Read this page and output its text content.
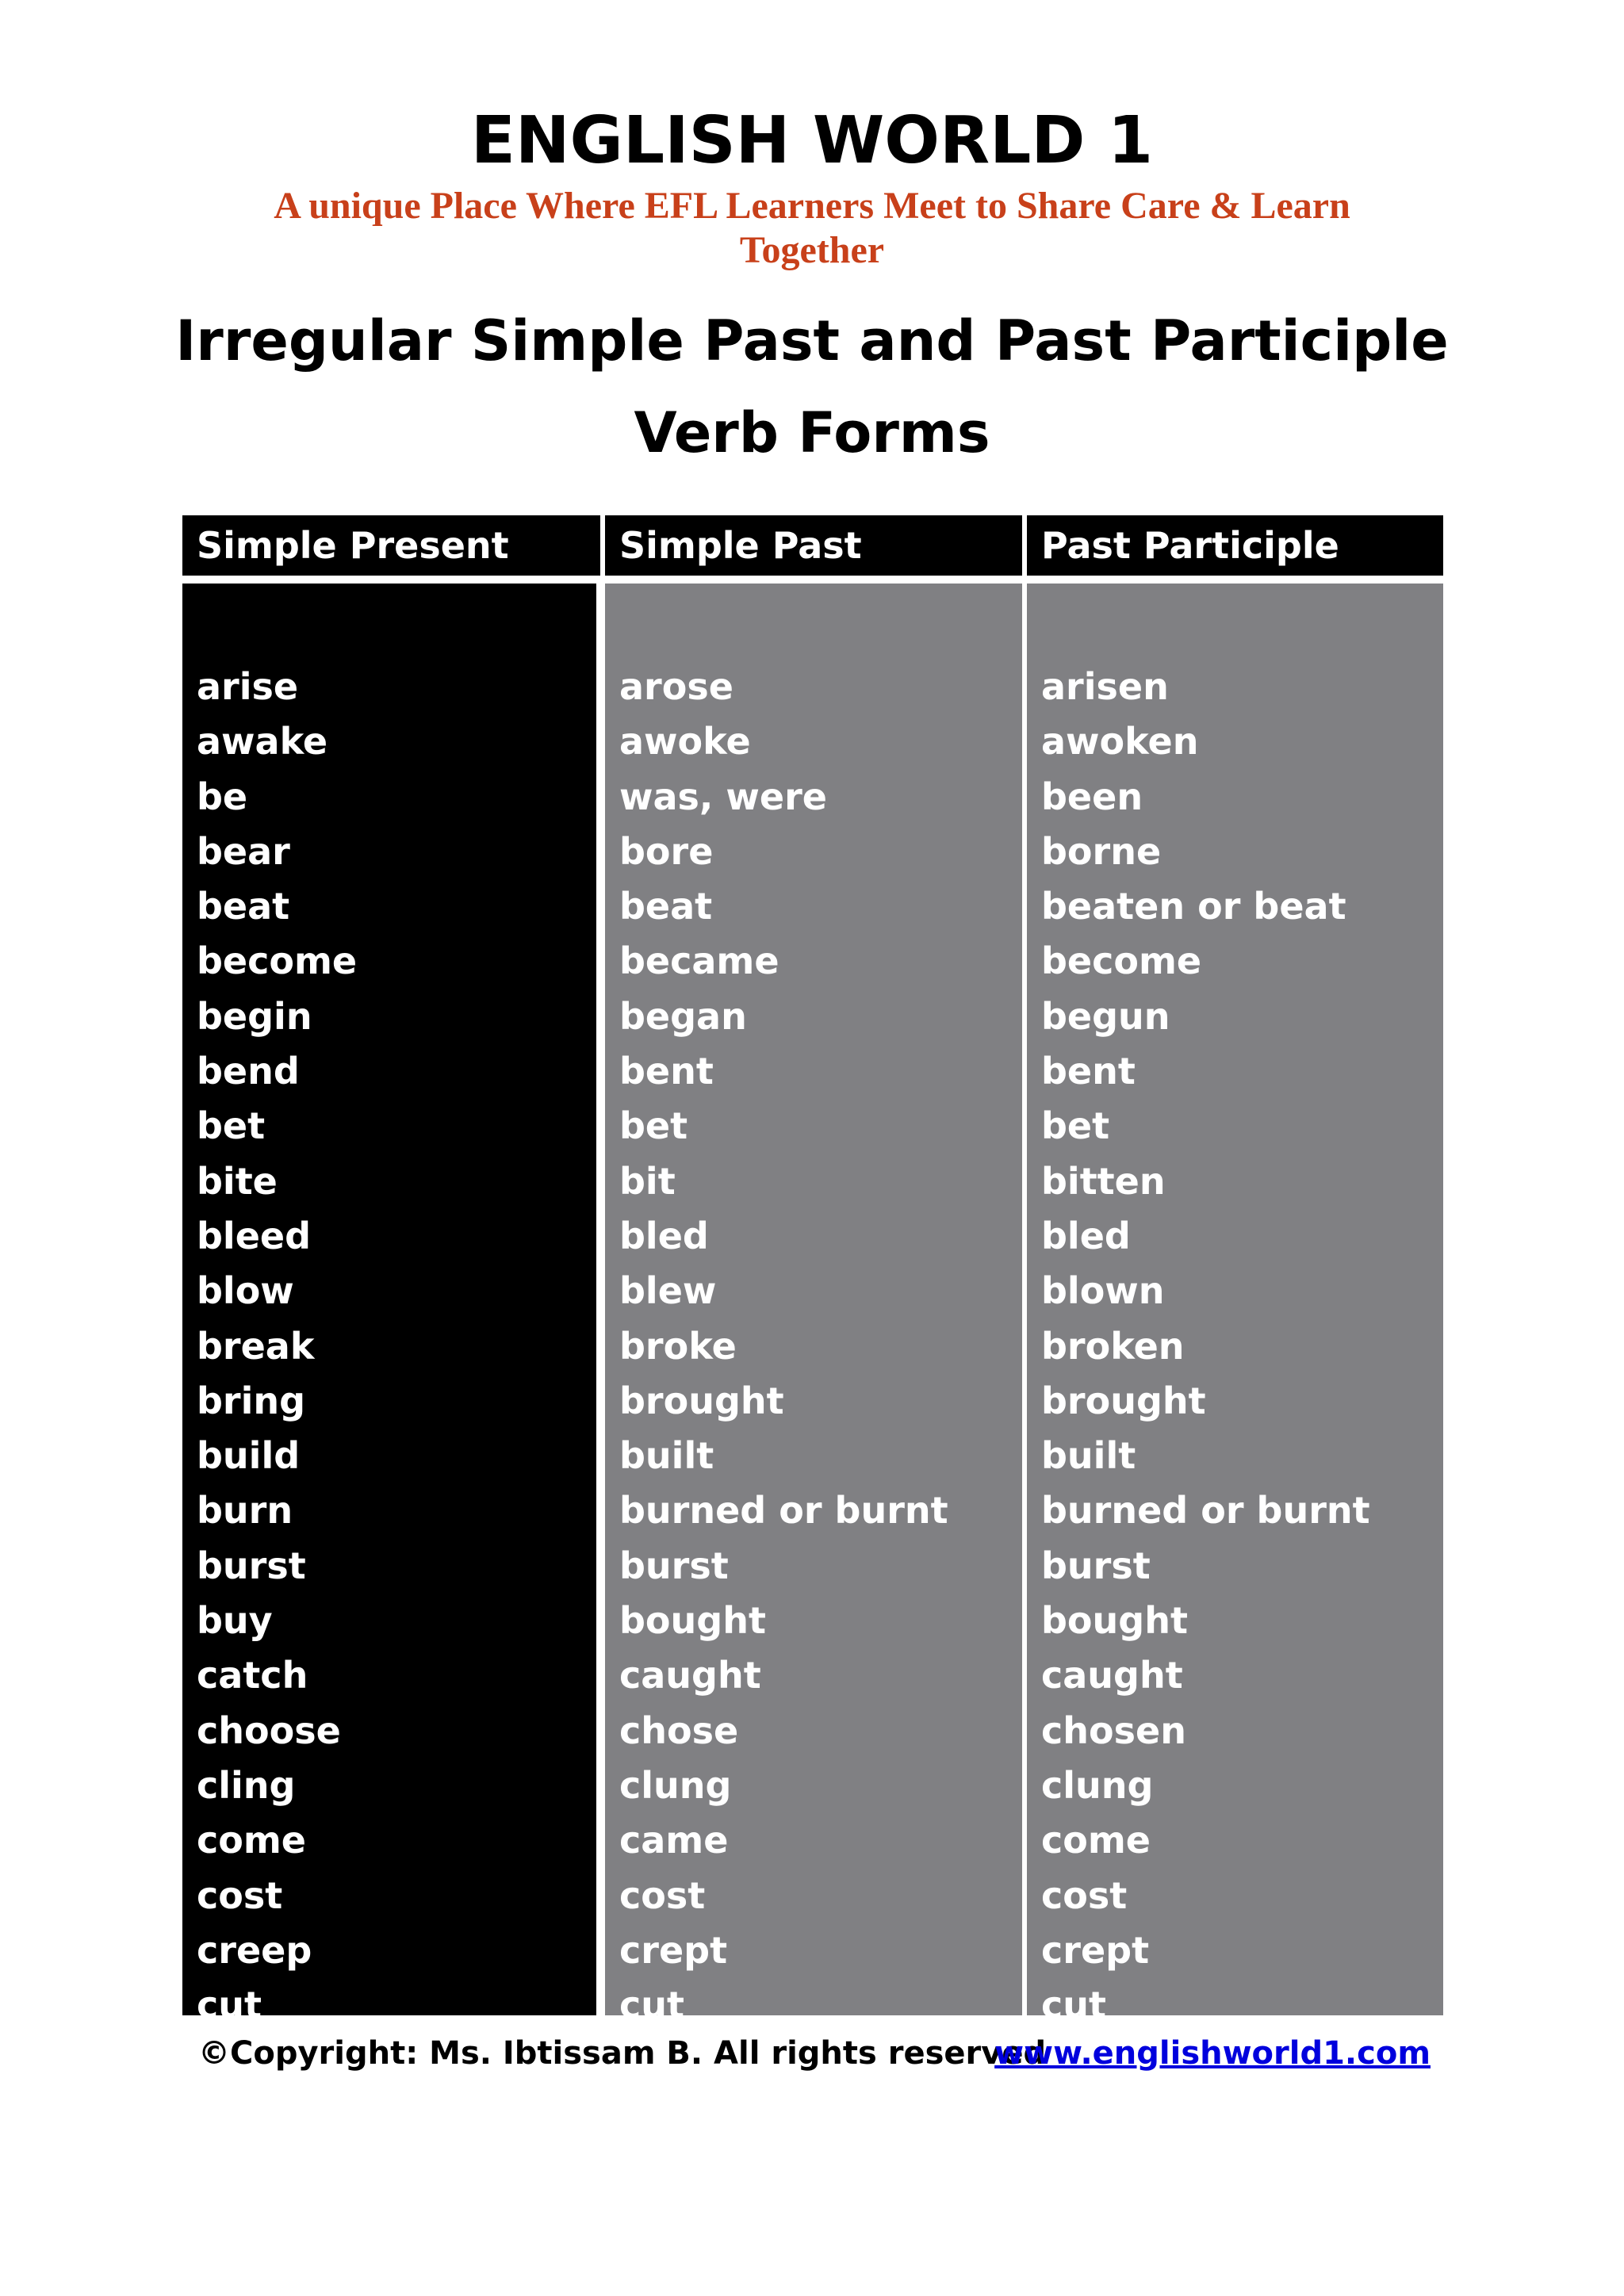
ENGLISH WORLD 1
A unique Place Where EFL Learners Meet to Share Care & Learn Together
Irregular Simple Past and Past Participle Verb Forms
Simple Present	Simple Past	Past Participle
arise
awake
be
bear
beat
become
begin
bend
bet
bite
bleed
blow
break
bring
build
burn
burst
buy
catch
choose
cling
come
cost
creep
cut
arose
awoke
was, were
bore
beat
became
began
bent
bet
bit
bled
blew
broke
brought
built
burned or burnt
burst
bought
caught
chose
clung
came
cost
crept
cut
arisen
awoken
been
borne
beaten or beat
become
begun
bent
bet
bitten
bled
blown
broken
brought
built
burned or burnt
burst
bought
caught
chosen
clung
come
cost
crept
cut
©Copyright: Ms. Ibtissam B. All rights reserved
www.englishworld1.com
